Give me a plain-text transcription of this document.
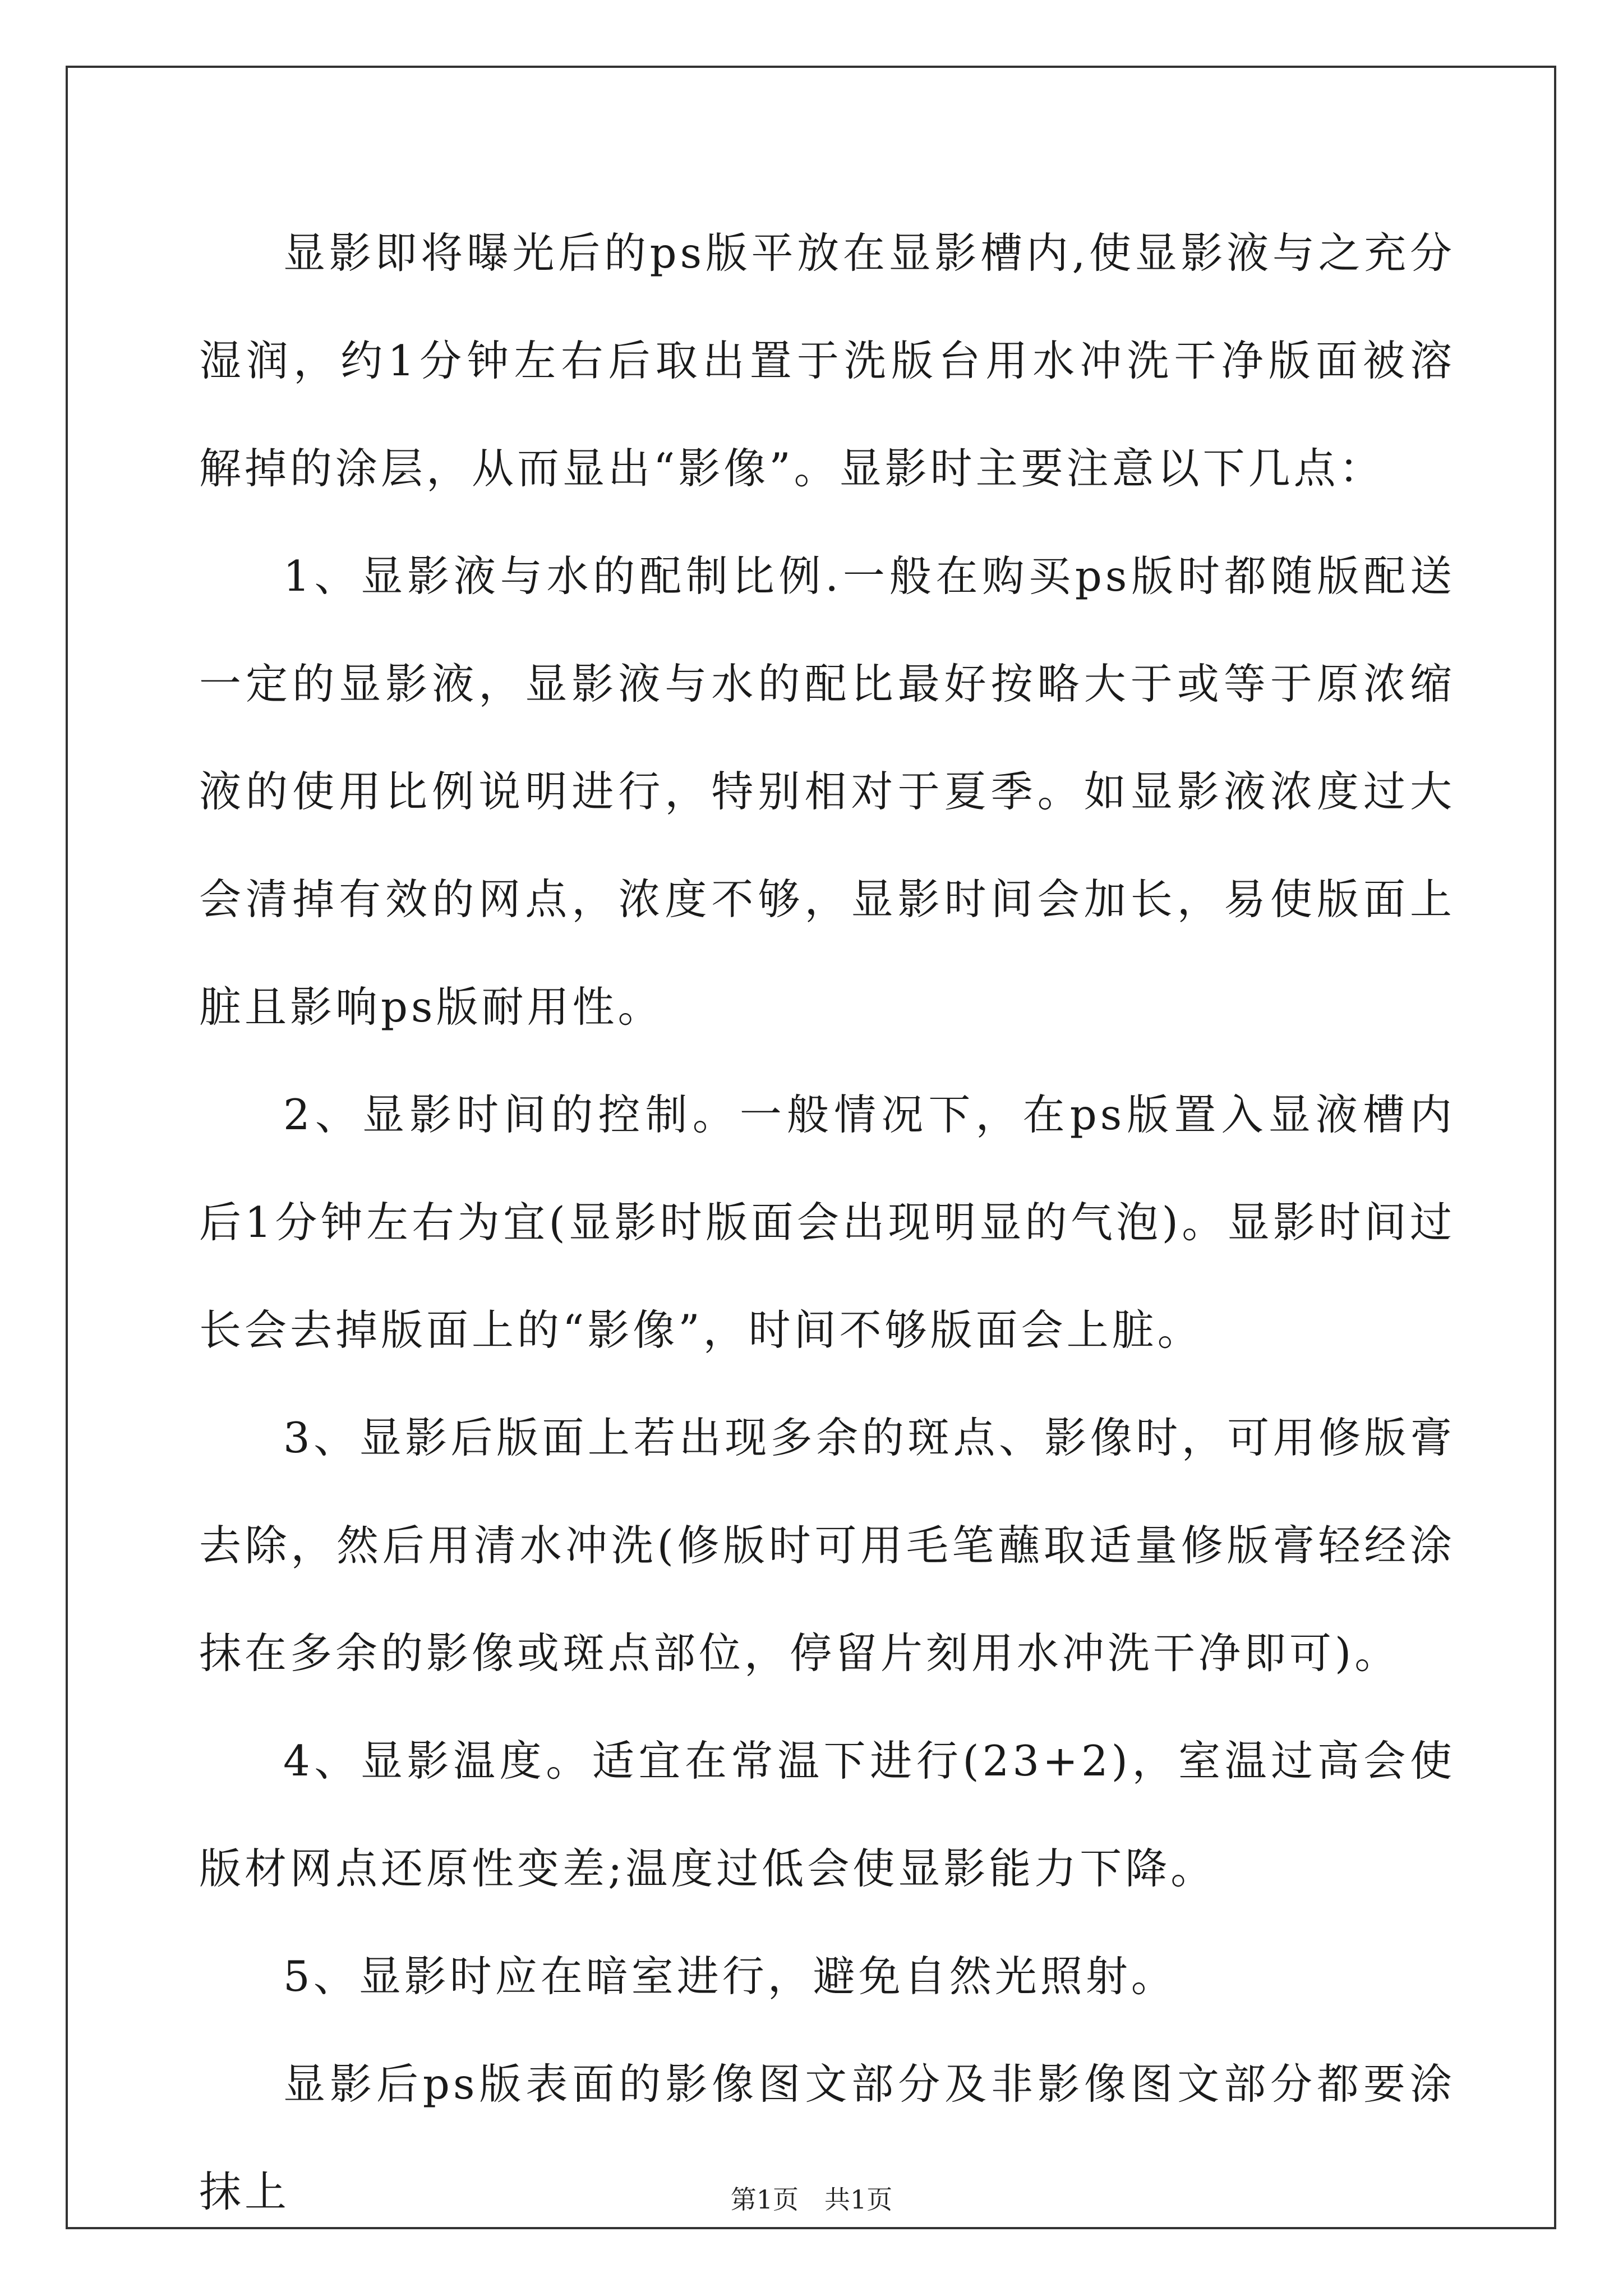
显影即将曝光后的ps版平放在显影槽内,使显影液与之充分湿润，约1分钟左右后取出置于洗版台用水冲洗干净版面被溶解掉的涂层，从而显出“影像”。显影时主要注意以下几点：

1、显影液与水的配制比例.一般在购买ps版时都随版配送一定的显影液，显影液与水的配比最好按略大于或等于原浓缩液的使用比例说明进行，特别相对于夏季。如显影液浓度过大会清掉有效的网点，浓度不够，显影时间会加长，易使版面上脏且影响ps版耐用性。

2、显影时间的控制。一般情况下，在ps版置入显液槽内后1分钟左右为宜(显影时版面会出现明显的气泡)。显影时间过长会去掉版面上的“影像”，时间不够版面会上脏。

3、显影后版面上若出现多余的斑点、影像时，可用修版膏去除，然后用清水冲洗(修版时可用毛笔蘸取适量修版膏轻经涂抹在多余的影像或斑点部位，停留片刻用水冲洗干净即可)。

4、显影温度。适宜在常温下进行(23+2)，室温过高会使版材网点还原性变差;温度过低会使显影能力下降。

5、显影时应在暗室进行，避免自然光照射。

显影后ps版表面的影像图文部分及非影像图文部分都要涂抹上	第1页　共1页
